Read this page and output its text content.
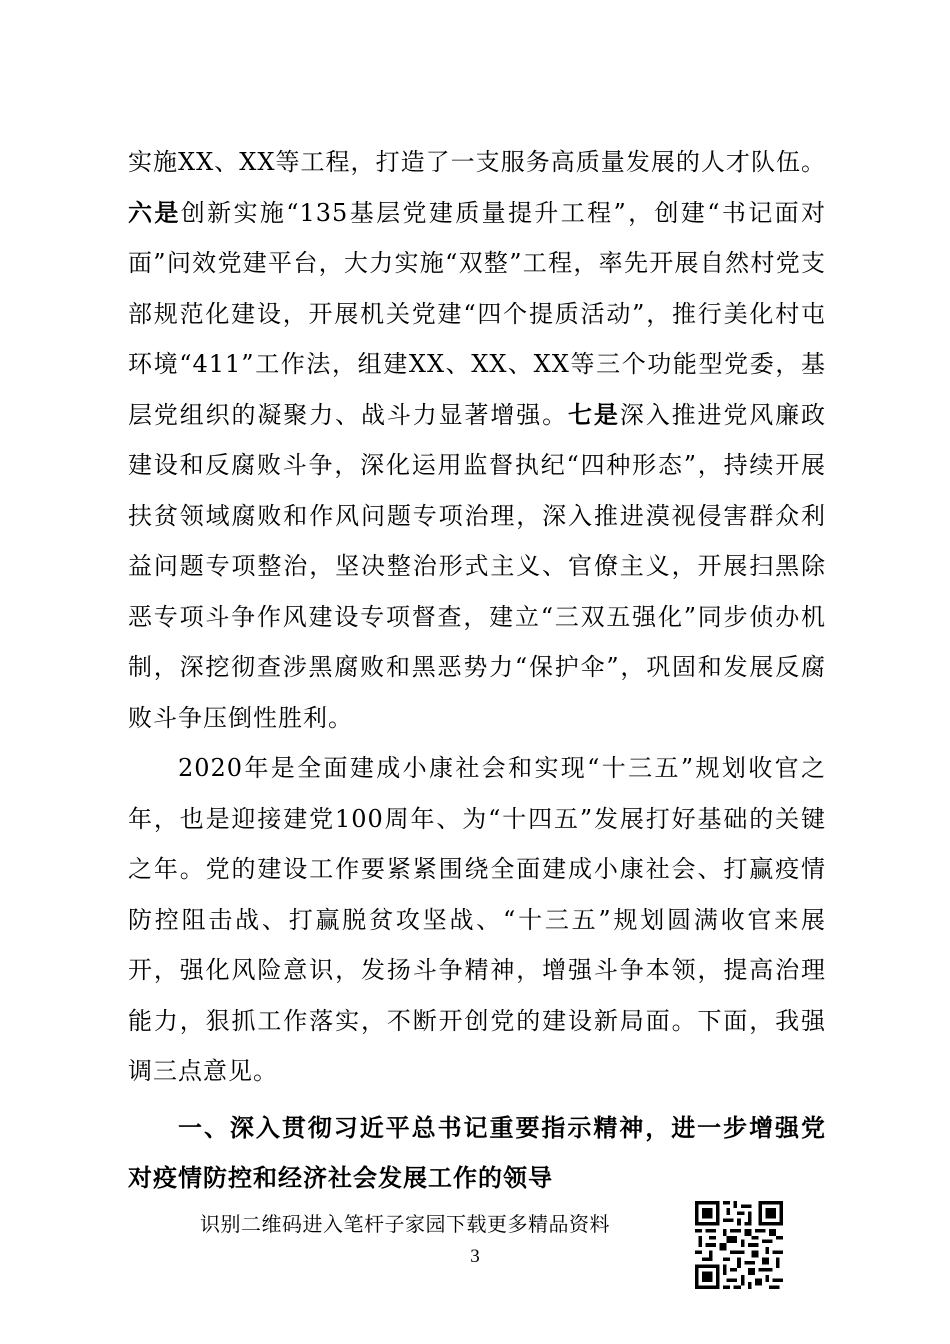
实施XX、XX等工程，打造了一支服务高质量发展的人才队伍。六是创新实施“135基层党建质量提升工程”，创建“书记面对面”问效党建平台，大力实施“双整”工程，率先开展自然村党支部规范化建设，开展机关党建“四个提质活动”，推行美化村屯环境“411”工作法，组建XX、XX、XX等三个功能型党委，基层党组织的凝聚力、战斗力显著增强。七是深入推进党风廉政建设和反腐败斗争，深化运用监督执纪“四种形态”，持续开展扶贫领域腐败和作风问题专项治理，深入推进漠视侵害群众利益问题专项整治，坚决整治形式主义、官僚主义，开展扫黑除恶专项斗争作风建设专项督查，建立“三双五强化”同步侦办机制，深挖彻查涉黑腐败和黑恶势力“保护伞”，巩固和发展反腐败斗争压倒性胜利。

2020年是全面建成小康社会和实现“十三五”规划收官之年，也是迎接建党100周年、为“十四五”发展打好基础的关键之年。党的建设工作要紧紧围绕全面建成小康社会、打赢疫情防控阻击战、打赢脱贫攻坚战、“十三五”规划圆满收官来展开，强化风险意识，发扬斗争精神，增强斗争本领，提高治理能力，狠抓工作落实，不断开创党的建设新局面。下面，我强调三点意见。

一、深入贯彻习近平总书记重要指示精神，进一步增强党对疫情防控和经济社会发展工作的领导

识别二维码进入笔杆子家园下载更多精品资料
3
